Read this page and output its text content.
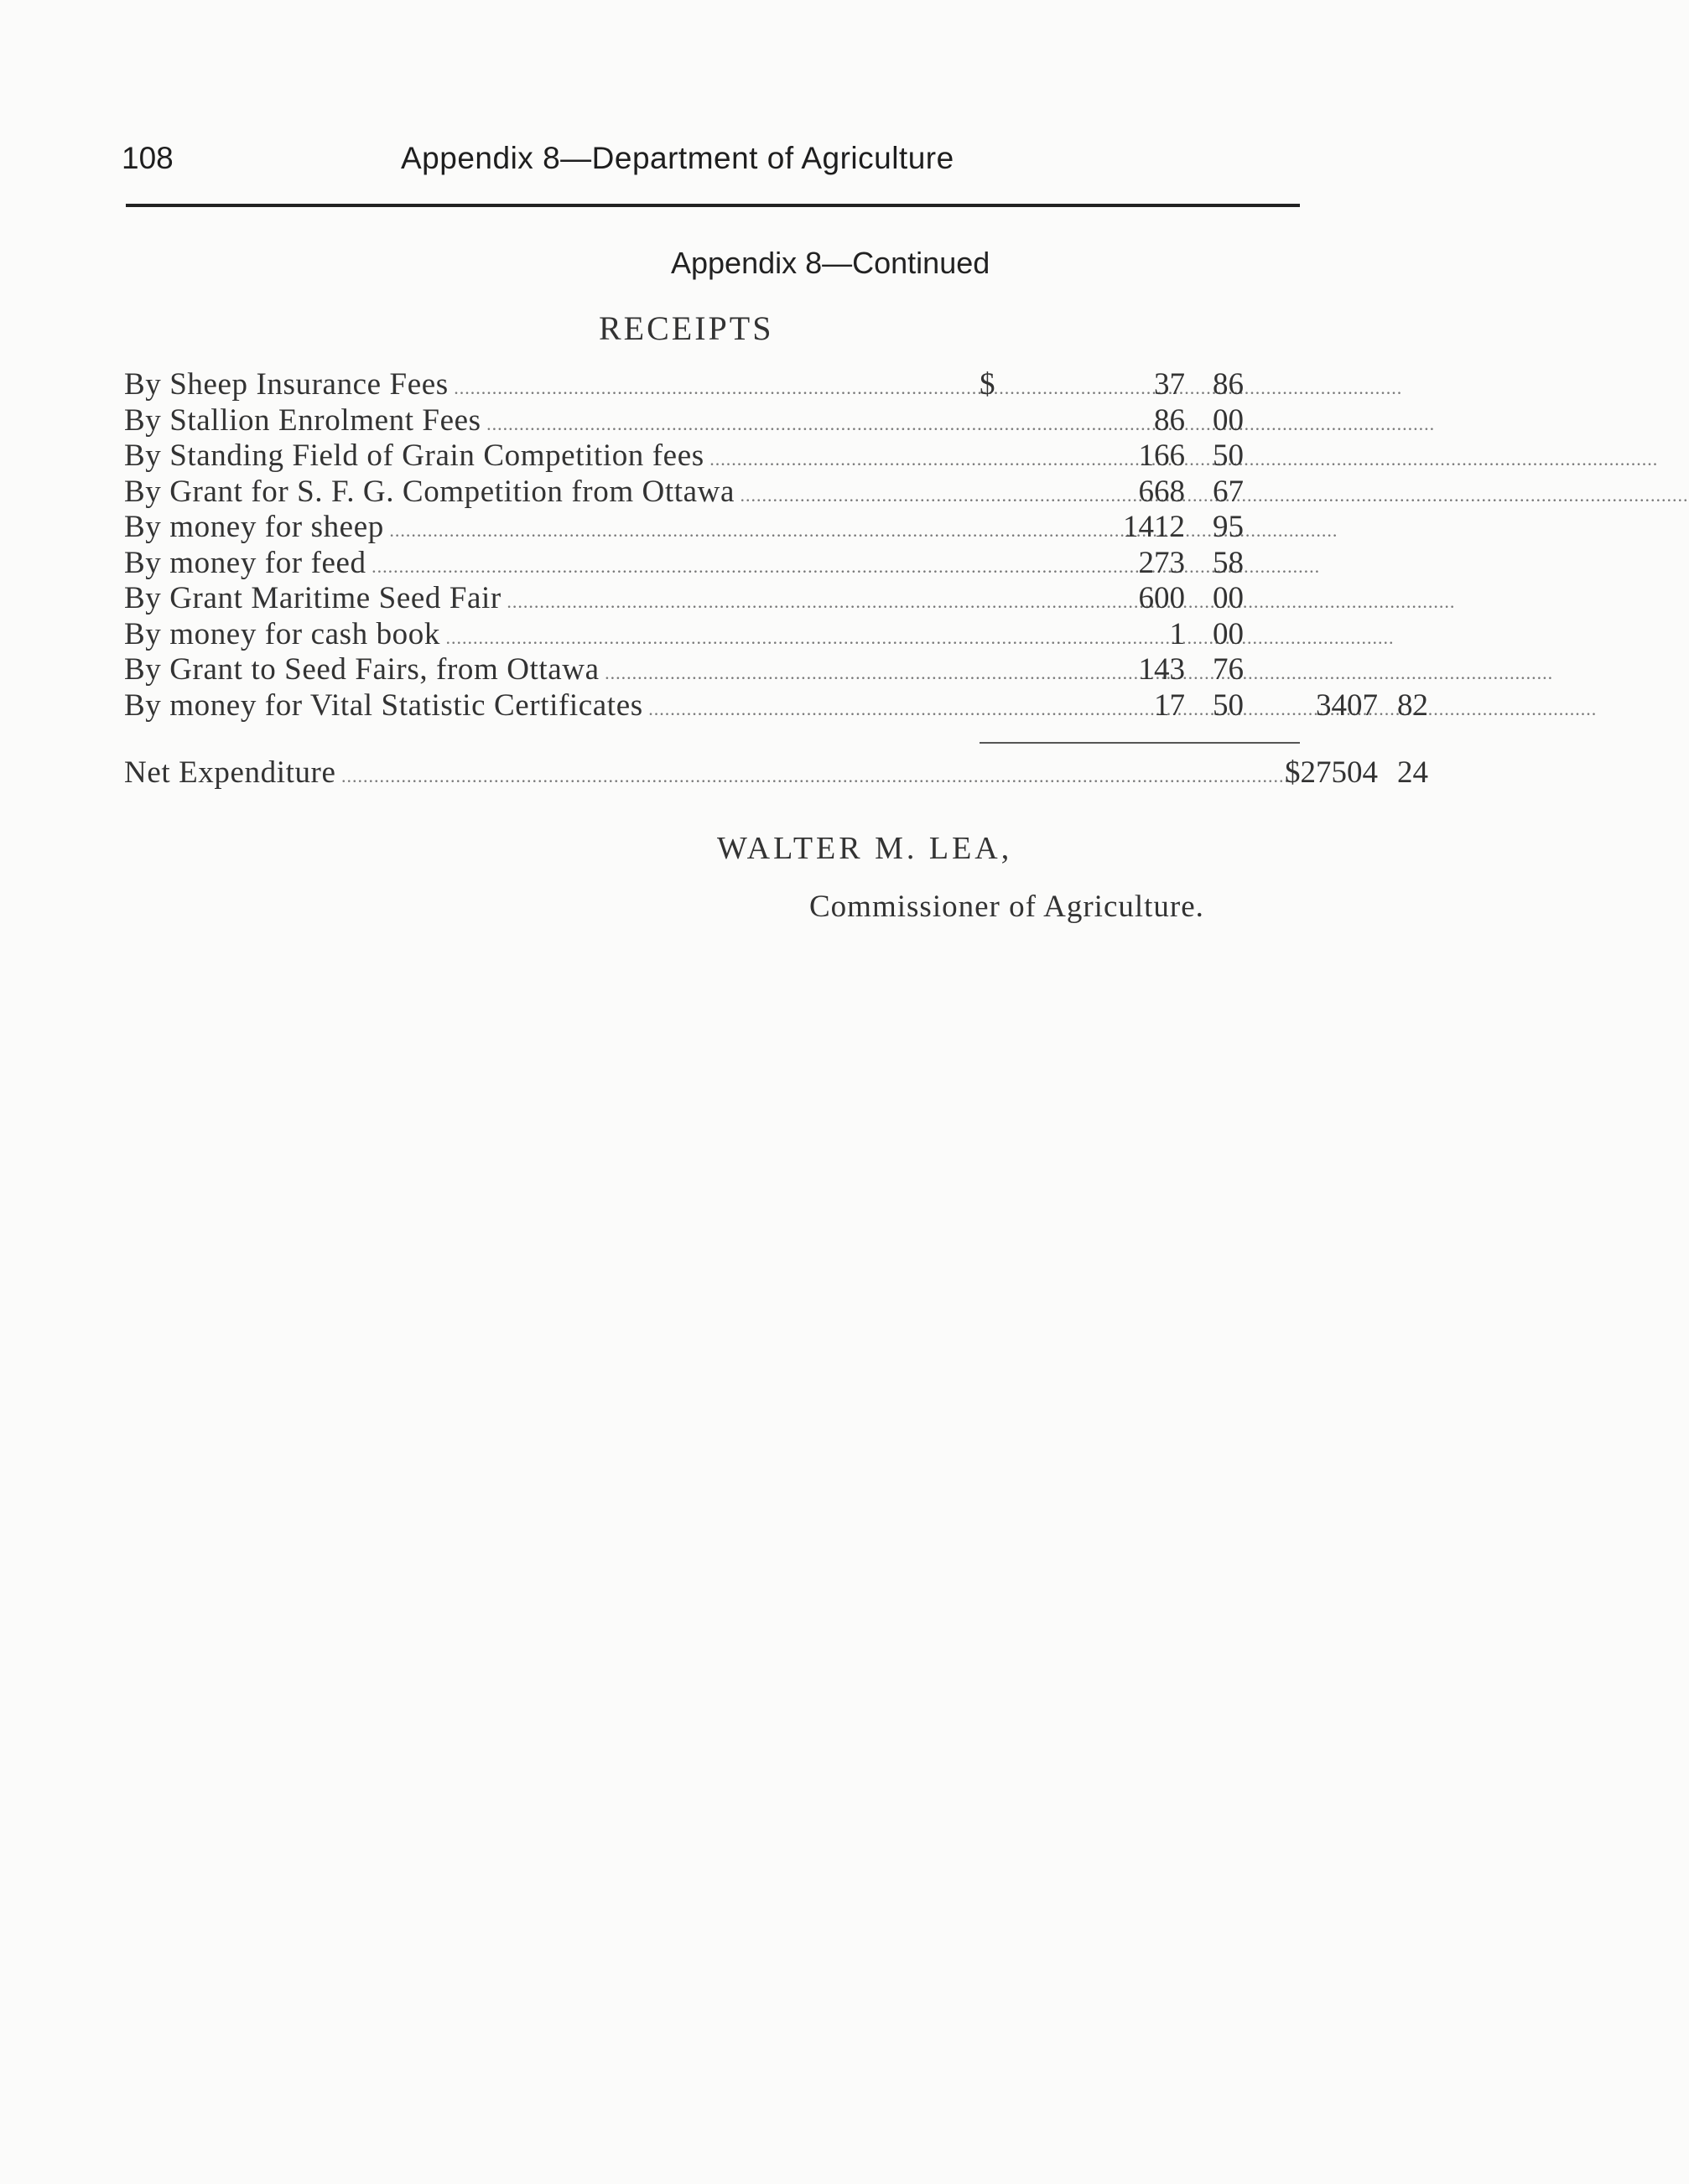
108	Appendix 8—Department of Agriculture
Appendix 8—Continued
RECEIPTS
By Sheep Insurance Fees .....	$	37 86
By Stallion Enrolment Fees .....	86 00
By Standing Field of Grain Competition fees .....	166 50
By Grant for S. F. G. Competition from Ottawa .....	668 67
By money for sheep .....	1412 95
By money for feed .....	273 58
By Grant Maritime Seed Fair .....	600 00
By money for cash book .....	1 00
By Grant to Seed Fairs, from Ottawa .....	143 76
By money for Vital Statistic Certificates .....	17 50	3407 82
Net Expenditure .....	$27504 24
WALTER M. LEA,
Commissioner of Agriculture.
